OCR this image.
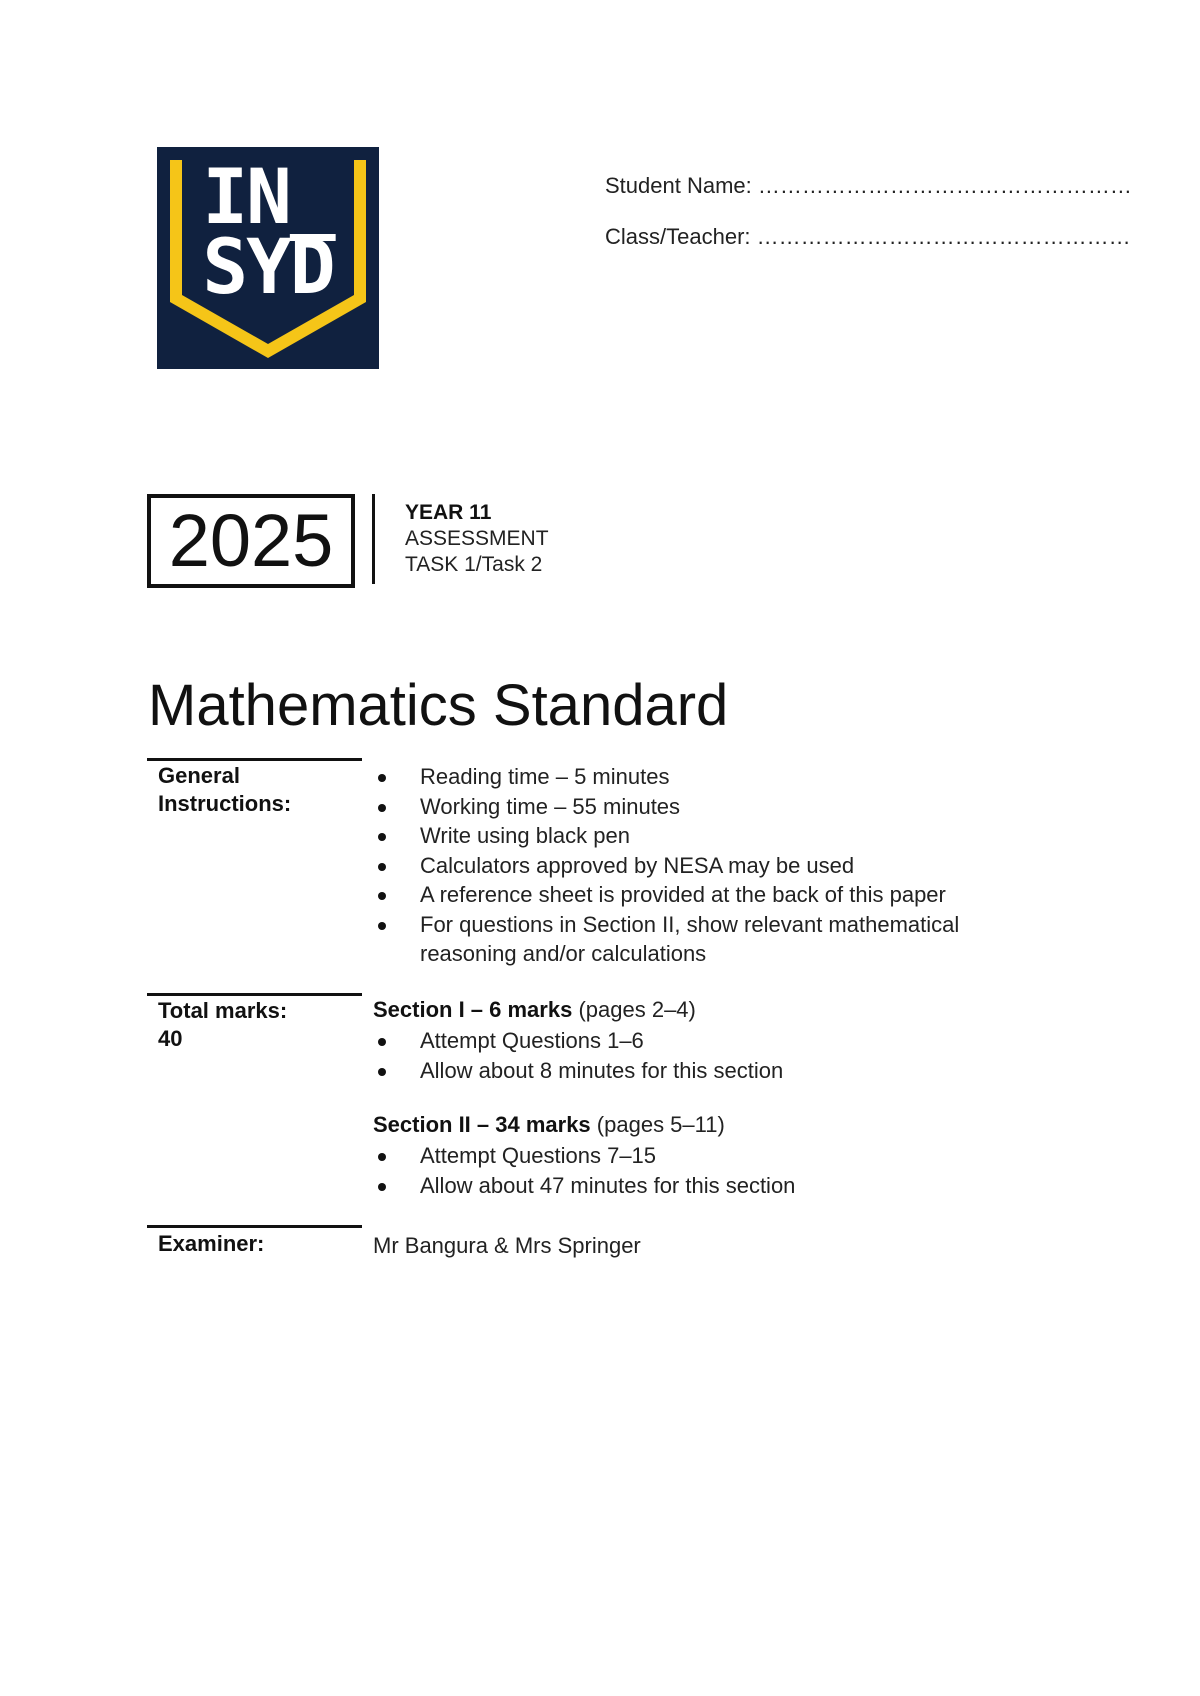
IN_
SYD
Student Name: ……………………………………………
Class/Teacher: ……………………………………………
2025	YEAR 11
ASSESSMENT
TASK 1/Task 2
Mathematics Standard
General
Instructions:
Reading time – 5 minutes
Working time – 55 minutes
Write using black pen
Calculators approved by NESA may be used
A reference sheet is provided at the back of this paper
For questions in Section II, show relevant mathematical reasoning and/or calculations
Total marks:
40
Section I – 6 marks (pages 2–4)
Attempt Questions 1–6
Allow about 8 minutes for this section
Section II – 34 marks (pages 5–11)
Attempt Questions 7–15
Allow about 47 minutes for this section
Examiner:	Mr Bangura & Mrs Springer
